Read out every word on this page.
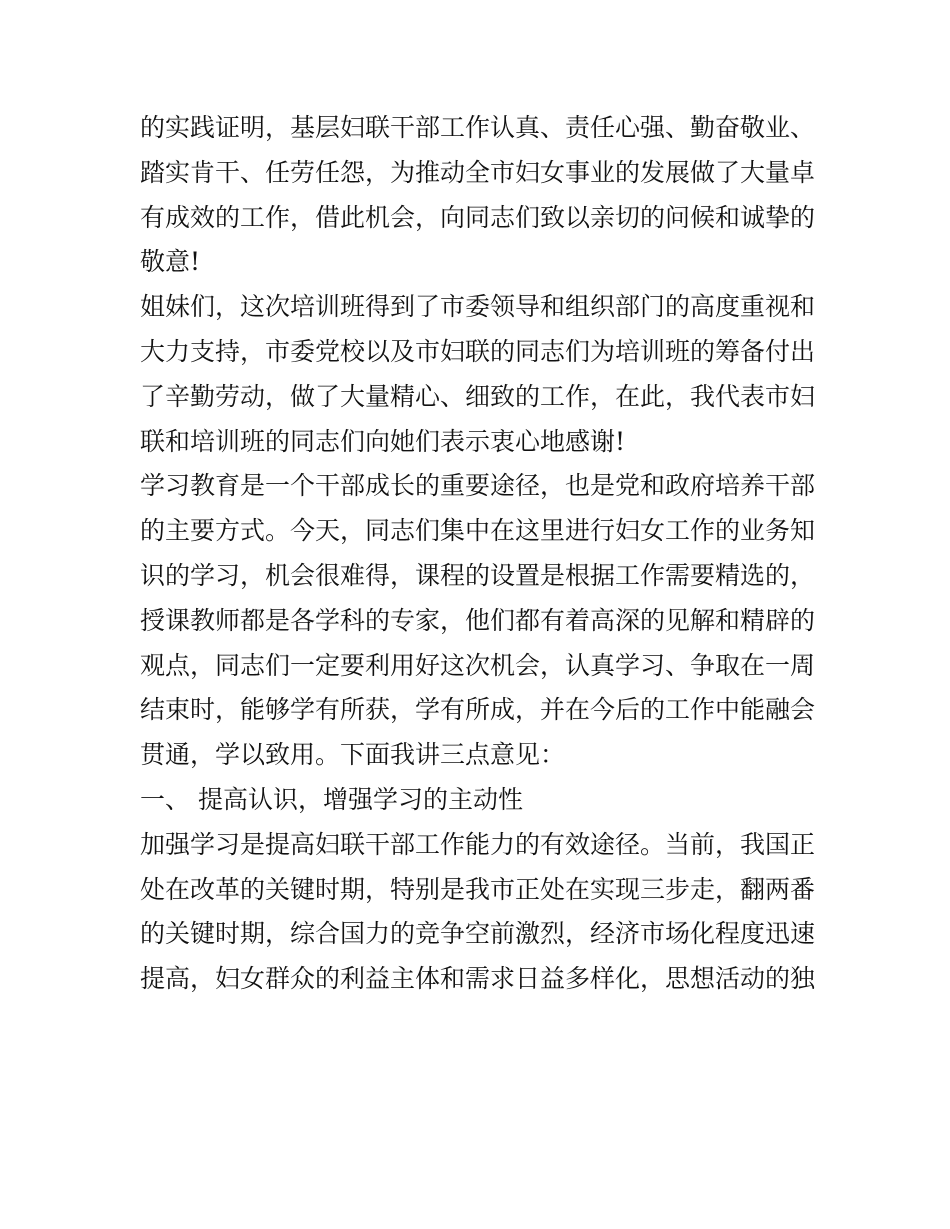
的实践证明，基层妇联干部工作认真、责任心强、勤奋敬业、
踏实肯干、任劳任怨，为推动全市妇女事业的发展做了大量卓
有成效的工作，借此机会，向同志们致以亲切的问候和诚挚的
敬意!
姐妹们，这次培训班得到了市委领导和组织部门的高度重视和
大力支持，市委党校以及市妇联的同志们为培训班的筹备付出
了辛勤劳动，做了大量精心、细致的工作，在此，我代表市妇
联和培训班的同志们向她们表示衷心地感谢!
学习教育是一个干部成长的重要途径，也是党和政府培养干部
的主要方式。今天，同志们集中在这里进行妇女工作的业务知
识的学习，机会很难得，课程的设置是根据工作需要精选的，
授课教师都是各学科的专家，他们都有着高深的见解和精辟的
观点，同志们一定要利用好这次机会，认真学习、争取在一周
结束时，能够学有所获，学有所成，并在今后的工作中能融会
贯通，学以致用。下面我讲三点意见：
一、 提高认识，增强学习的主动性
加强学习是提高妇联干部工作能力的有效途径。当前，我国正
处在改革的关键时期，特别是我市正处在实现三步走，翻两番
的关键时期，综合国力的竞争空前激烈，经济市场化程度迅速
提高，妇女群众的利益主体和需求日益多样化，思想活动的独
